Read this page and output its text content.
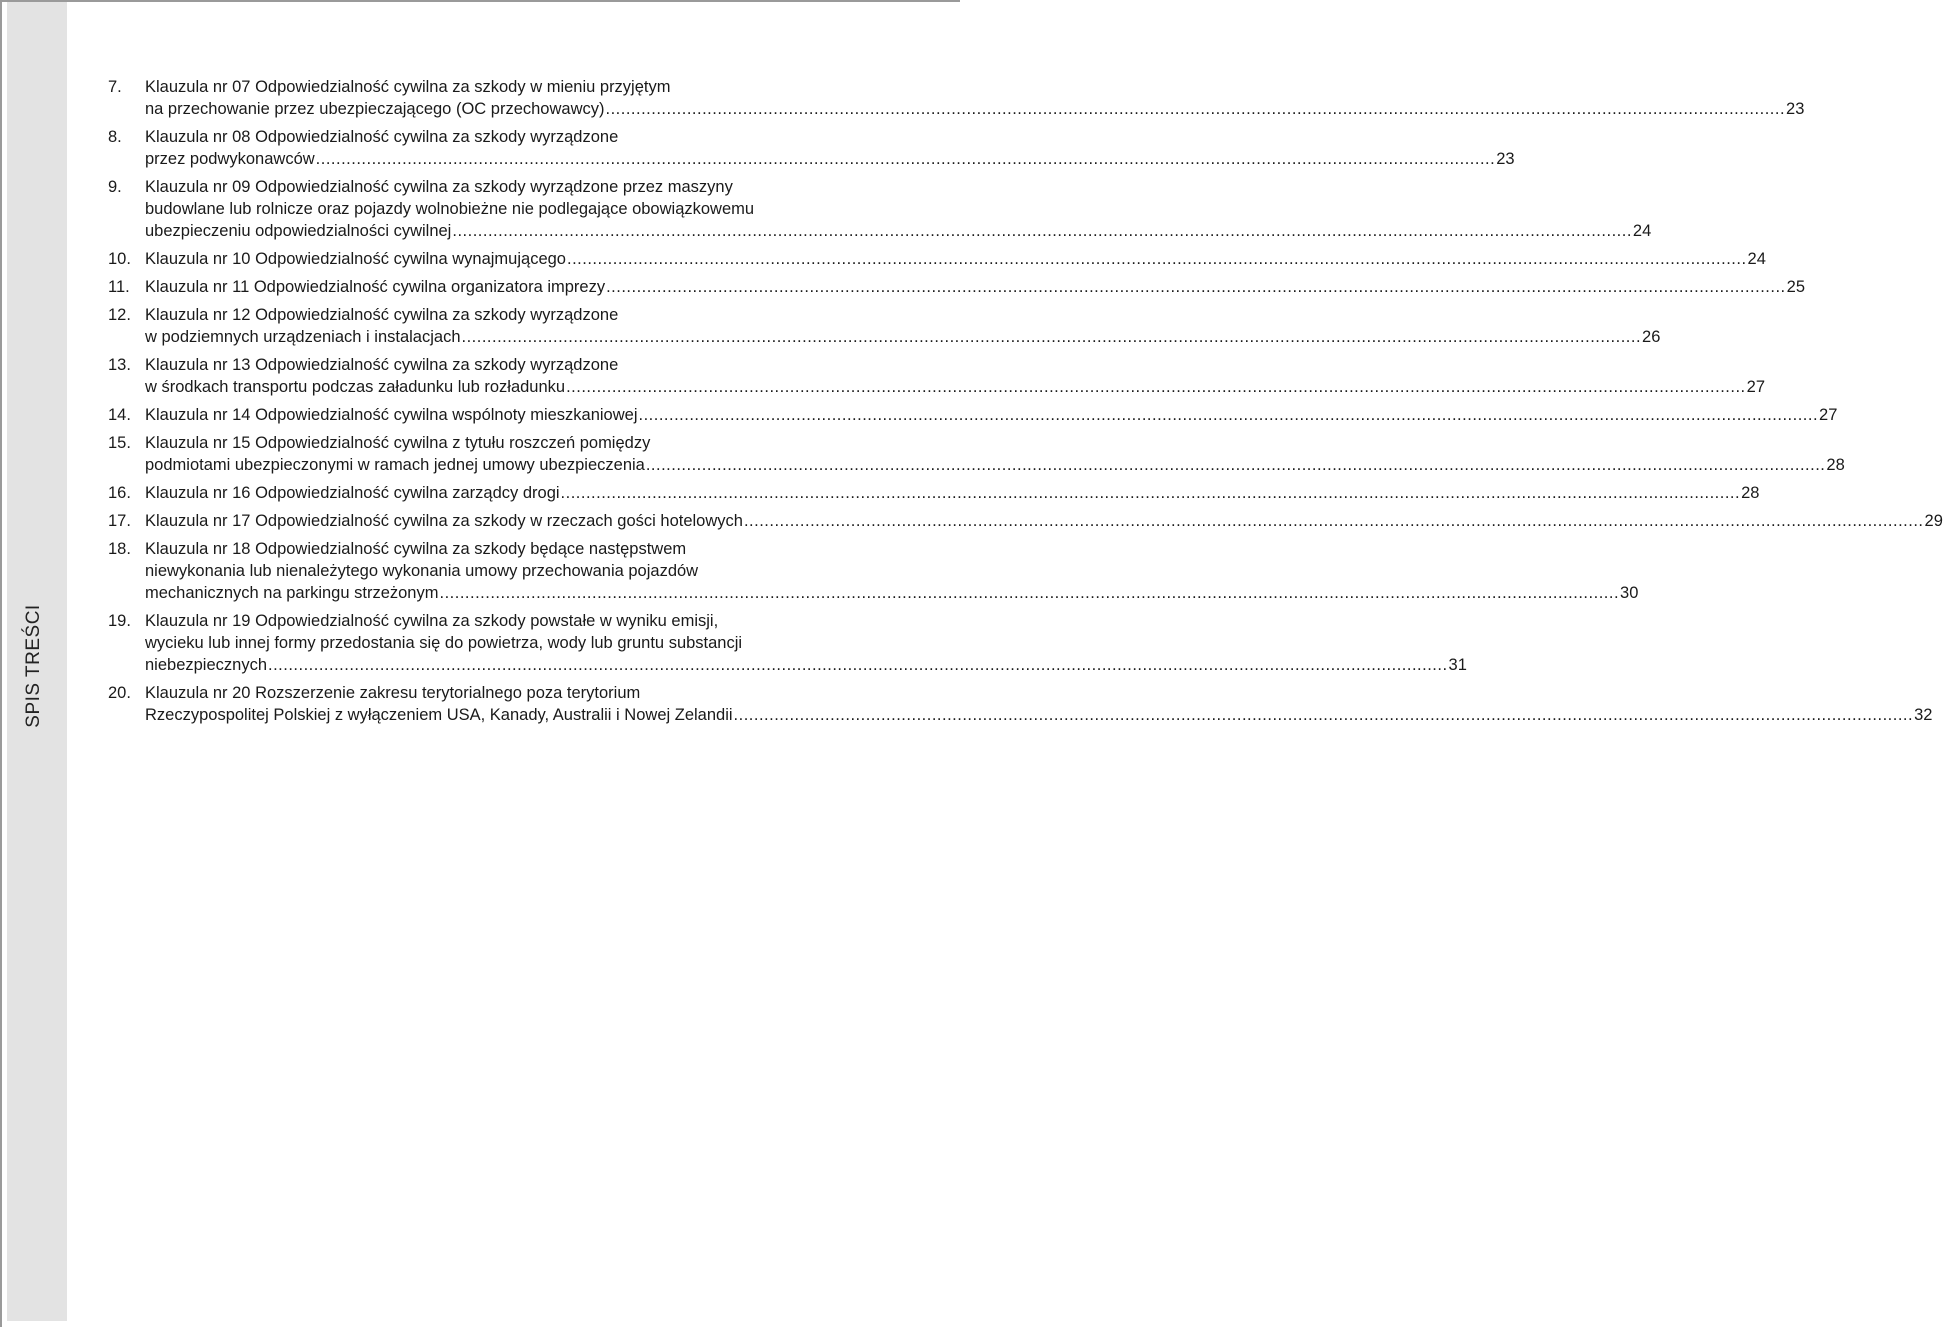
SPIS TREŚCI
7.	Klauzula nr 07 Odpowiedzialność cywilna za szkody w mieniu przyjętym
na przechowanie przez ubezpieczającego (OC przechowawcy) .....	23
8.	Klauzula nr 08 Odpowiedzialność cywilna za szkody wyrządzone
przez podwykonawców .....	23
9.	Klauzula nr 09 Odpowiedzialność cywilna za szkody wyrządzone przez maszyny
budowlane lub rolnicze oraz pojazdy wolnobieżne nie podlegające obowiązkowemu
ubezpieczeniu odpowiedzialności cywilnej .....	24
10. Klauzula nr 10 Odpowiedzialność cywilna wynajmującego .....	24
11. Klauzula nr 11 Odpowiedzialność cywilna organizatora imprezy .....	25
12. Klauzula nr 12 Odpowiedzialność cywilna za szkody wyrządzone
w podziemnych urządzeniach i instalacjach .....	26
13. Klauzula nr 13 Odpowiedzialność cywilna za szkody wyrządzone
w środkach transportu podczas załadunku lub rozładunku .....	27
14. Klauzula nr 14 Odpowiedzialność cywilna wspólnoty mieszkaniowej .....	27
15. Klauzula nr 15 Odpowiedzialność cywilna z tytułu roszczeń pomiędzy
podmiotami ubezpieczonymi w ramach jednej umowy ubezpieczenia .....	28
16. Klauzula nr 16 Odpowiedzialność cywilna zarządcy drogi .....	28
17. Klauzula nr 17 Odpowiedzialność cywilna za szkody w rzeczach gości hotelowych .....	29
18. Klauzula nr 18 Odpowiedzialność cywilna za szkody będące następstwem
niewykonania lub nienależytego wykonania umowy przechowania pojazdów
mechanicznych na parkingu strzeżonym .....	30
19. Klauzula nr 19 Odpowiedzialność cywilna za szkody powstałe w wyniku emisji,
wycieku lub innej formy przedostania się do powietrza, wody lub gruntu substancji
niebezpiecznych .....	31
20. Klauzula nr 20 Rozszerzenie zakresu terytorialnego poza terytorium
Rzeczypospolitej Polskiej z wyłączeniem USA, Kanady, Australii i Nowej Zelandii .....	32
